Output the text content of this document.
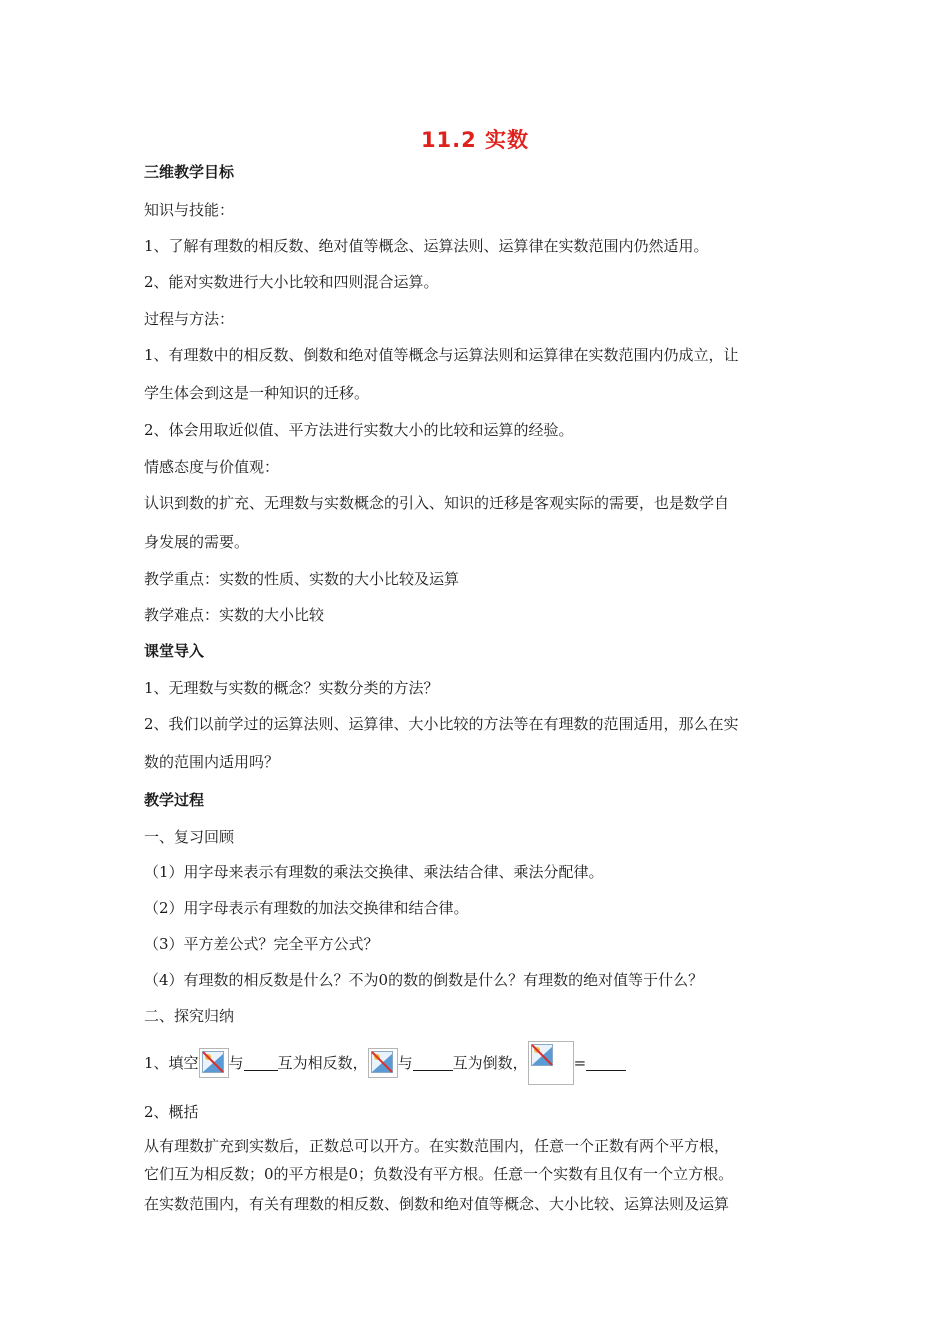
11.2 实数
三维教学目标
知识与技能：
1、了解有理数的相反数、绝对值等概念、运算法则、运算律在实数范围内仍然适用。
2、能对实数进行大小比较和四则混合运算。
过程与方法：
1、有理数中的相反数、倒数和绝对值等概念与运算法则和运算律在实数范围内仍成立，让
学生体会到这是一种知识的迁移。
2、体会用取近似值、平方法进行实数大小的比较和运算的经验。
情感态度与价值观：
认识到数的扩充、无理数与实数概念的引入、知识的迁移是客观实际的需要，也是数学自
身发展的需要。
教学重点：实数的性质、实数的大小比较及运算
教学难点：实数的大小比较
课堂导入
1、无理数与实数的概念？实数分类的方法？
2、我们以前学过的运算法则、运算律、大小比较的方法等在有理数的范围适用，那么在实
数的范围内适用吗？
教学过程
一、复习回顾
（1）用字母来表示有理数的乘法交换律、乘法结合律、乘法分配律。
（2）用字母表示有理数的加法交换律和结合律。
（3）平方差公式？完全平方公式？
（4）有理数的相反数是什么？不为0的数的倒数是什么？有理数的绝对值等于什么？
二、探究归纳
1、填空 与 互为相反数， 与	互为倒数，	=
2、概括
从有理数扩充到实数后，正数总可以开方。在实数范围内，任意一个正数有两个平方根，
它们互为相反数；0的平方根是0；负数没有平方根。任意一个实数有且仅有一个立方根。
在实数范围内，有关有理数的相反数、倒数和绝对值等概念、大小比较、运算法则及运算
